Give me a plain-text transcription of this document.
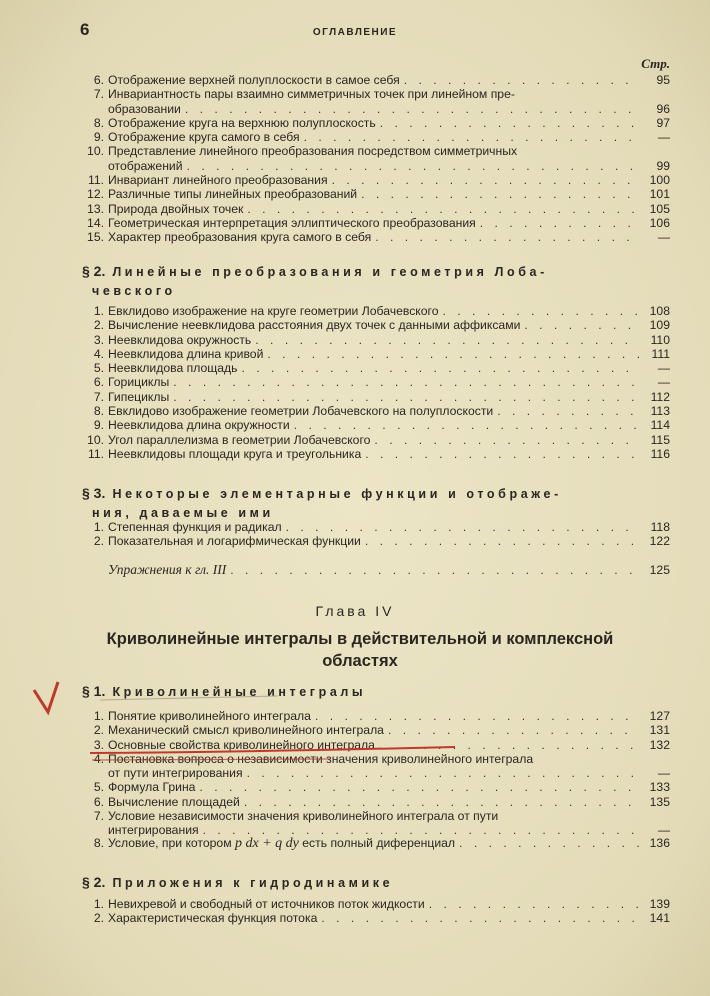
6	ОГЛАВЛЕНИЕ
Стр.
6. Отображение верхней полуплоскости в самое себя . . .	95
7. Инвариантность пары взаимно симметричных точек при линейном пре-
образовании . . .	96
8. Отображение круга на верхнюю полуплоскость . . .	97
9. Отображение круга самого в себя . . .	—
10. Представление линейного преобразования посредством симметричных
отображений . . .	99
11. Инвариант линейного преобразования . . .	100
12. Различные типы линейных преобразований . . .	101
13. Природа двойных точек . . .	105
14. Геометрическая интерпретация эллиптического преобразования . . .	106
15. Характер преобразования круга самого в себя . . .	—
§ 2. Линейные преобразования и геометрия Лоба-
чевского
1. Евклидово изображение на круге геометрии Лобачевского . . .	108
2. Вычисление неевклидова расстояния двух точек с данными аффиксами . . .	109
3. Неевклидова окружность . . .	110
4. Неевклидова длина кривой . . .	111
5. Неевклидова площадь . . .	—
6. Горициклы . . .	—
7. Гипециклы . . .	112
8. Евклидово изображение геометрии Лобачевского на полуплоскости . . .	113
9. Неевклидова длина окружности . . .	114
10. Угол параллелизма в геометрии Лобачевского . . .	115
11. Неевклидовы площади круга и треугольника . . .	116
§ 3. Некоторые элементарные функции и отображе-
ния, даваемые ими
1. Степенная функция и радикал . . .	118
2. Показательная и логарифмическая функции . . .	122
Упражнения к гл. III . . .	125
Глава IV
Криволинейные интегралы в действительной и комплексной
областях
§ 1. Криволинейные интегралы
1. Понятие криволинейного интеграла . . .	127
2. Механический смысл криволинейного интеграла . . .	131
3. Основные свойства криволинейного интеграла . . .	132
4. Постановка вопроса о независимости значения криволинейного интеграла
от пути интегрирования . . .	—
5. Формула Грина . . .	133
6. Вычисление площадей . . .	135
7. Условие независимости значения криволинейного интеграла от пути
интегрирования . . .	—
8. Условие, при котором p dx + q dy есть полный диференциал . . .	136
§ 2. Приложения к гидродинамике
1. Невихревой и свободный от источников поток жидкости . . .	139
2. Характеристическая функция потока . . .	141
